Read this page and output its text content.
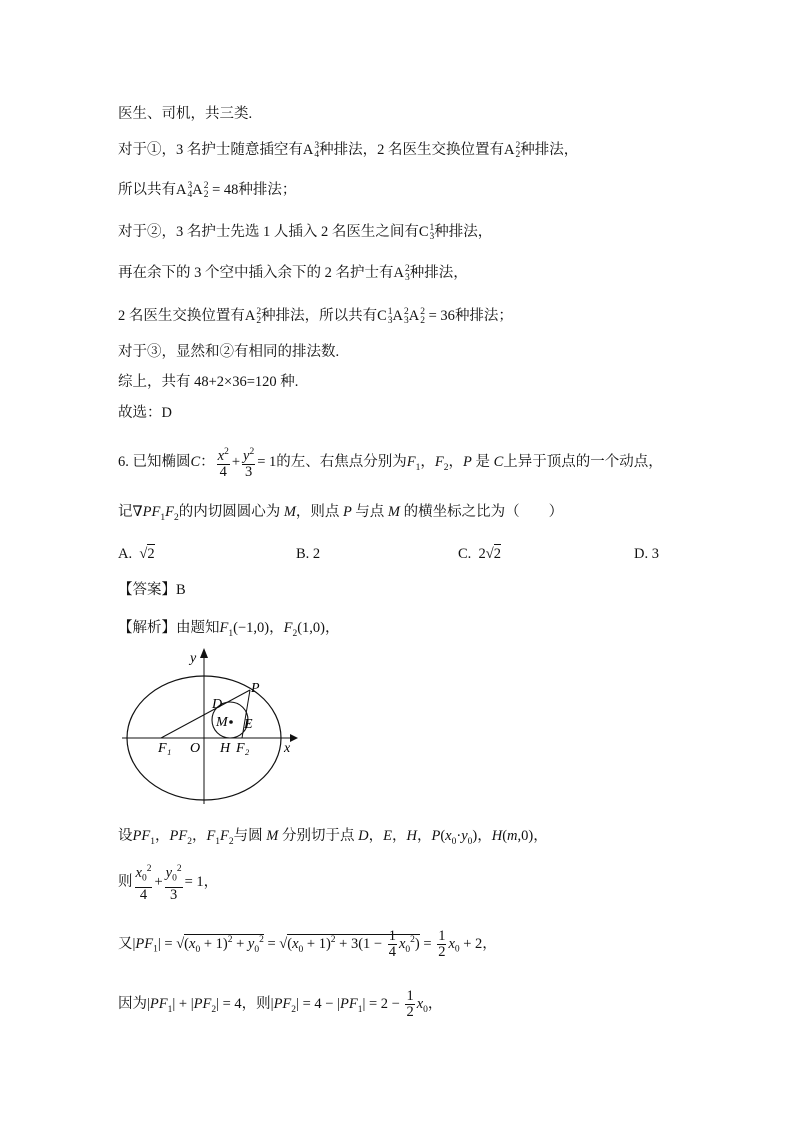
医生、司机，共三类.
对于①，3 名护士随意插空有A 3
4 种排法，2 名医生交换位置有A 2
2 种排法，
所以共有A 3
4 A 2
2 = 48种排法；
对于②，3 名护士先选 1 人插入 2 名医生之间有C 1
3 种排法，
再在余下的 3 个空中插入余下的 2 名护士有A 2
3 种排法，
2 名医生交换位置有A 2
2 种排法，所以共有C 1
3 A 2
3 A 2
2 = 36种排法；
对于③，显然和②有相同的排法数.
综上，共有 48+2×36=120 种.
故选：D
6. 已知椭圆C： $\frac{x^2}{4} + \frac{y^2}{3} = 1$的左、右焦点分别为$F_1$，$F_2$，P 是 C上异于顶点的一个动点，
记$\nabla PF_1F_2$的内切圆圆心为 M，则点 P 与点 M 的横坐标之比为（　　）
A.  √2	B. 2	C.  2√2	D. 3
【答案】B
【解析】由题知$F_1(-1,0)$，$F_2(1,0)$，
y
P
D
M E
F₁ O H F₂ x
设$PF_1$，$PF_2$，$F_1F_2$与圆 M 分别切于点 D，E，H，$P(x_0\cdot y_0)$，H(m,0)，
则 $\frac{x_0^2}{4} + \frac{y_0^2}{3} = 1$，
又$|PF_1| = √(x_0 + 1)^2 + y_0^2 = √(x_0 + 1)^2 + 3(1 - \frac{1}{4} x_0^2) = \frac{1}{2} x_0 + 2$，
因为$|PF_1| + |PF_2| = 4$，则$|PF_2| = 4 - |PF_1| = 2 - \frac{1}{2} x_0$，
